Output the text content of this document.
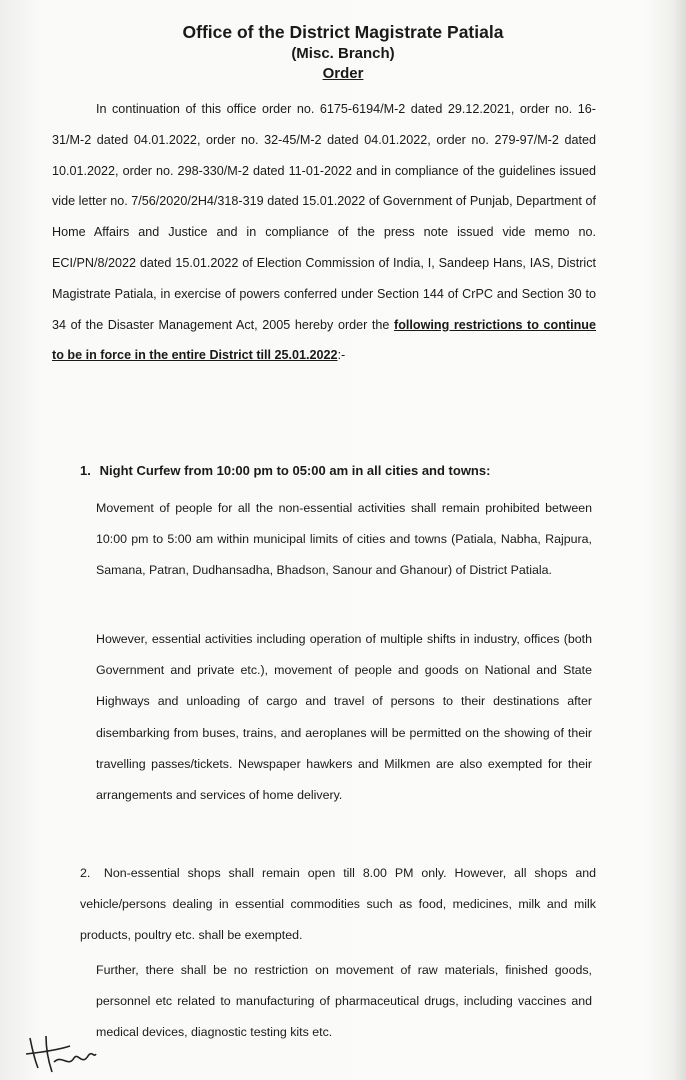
Office of the District Magistrate Patiala
(Misc. Branch)
Order
In continuation of this office order no. 6175-6194/M-2 dated 29.12.2021, order no. 16-31/M-2 dated 04.01.2022, order no. 32-45/M-2 dated 04.01.2022, order no. 279-97/M-2 dated 10.01.2022, order no. 298-330/M-2 dated 11-01-2022 and in compliance of the guidelines issued vide letter no. 7/56/2020/2H4/318-319 dated 15.01.2022 of Government of Punjab, Department of Home Affairs and Justice and in compliance of the press note issued vide memo no. ECI/PN/8/2022 dated 15.01.2022 of Election Commission of India, I, Sandeep Hans, IAS, District Magistrate Patiala, in exercise of powers conferred under Section 144 of CrPC and Section 30 to 34 of the Disaster Management Act, 2005 hereby order the following restrictions to continue to be in force in the entire District till 25.01.2022:-
1. Night Curfew from 10:00 pm to 05:00 am in all cities and towns:
Movement of people for all the non-essential activities shall remain prohibited between 10:00 pm to 5:00 am within municipal limits of cities and towns (Patiala, Nabha, Rajpura, Samana, Patran, Dudhansadha, Bhadson, Sanour and Ghanour) of District Patiala.
However, essential activities including operation of multiple shifts in industry, offices (both Government and private etc.), movement of people and goods on National and State Highways and unloading of cargo and travel of persons to their destinations after disembarking from buses, trains, and aeroplanes will be permitted on the showing of their travelling passes/tickets. Newspaper hawkers and Milkmen are also exempted for their arrangements and services of home delivery.
2. Non-essential shops shall remain open till 8.00 PM only. However, all shops and vehicle/persons dealing in essential commodities such as food, medicines, milk and milk products, poultry etc. shall be exempted.
Further, there shall be no restriction on movement of raw materials, finished goods, personnel etc related to manufacturing of pharmaceutical drugs, including vaccines and medical devices, diagnostic testing kits etc.
